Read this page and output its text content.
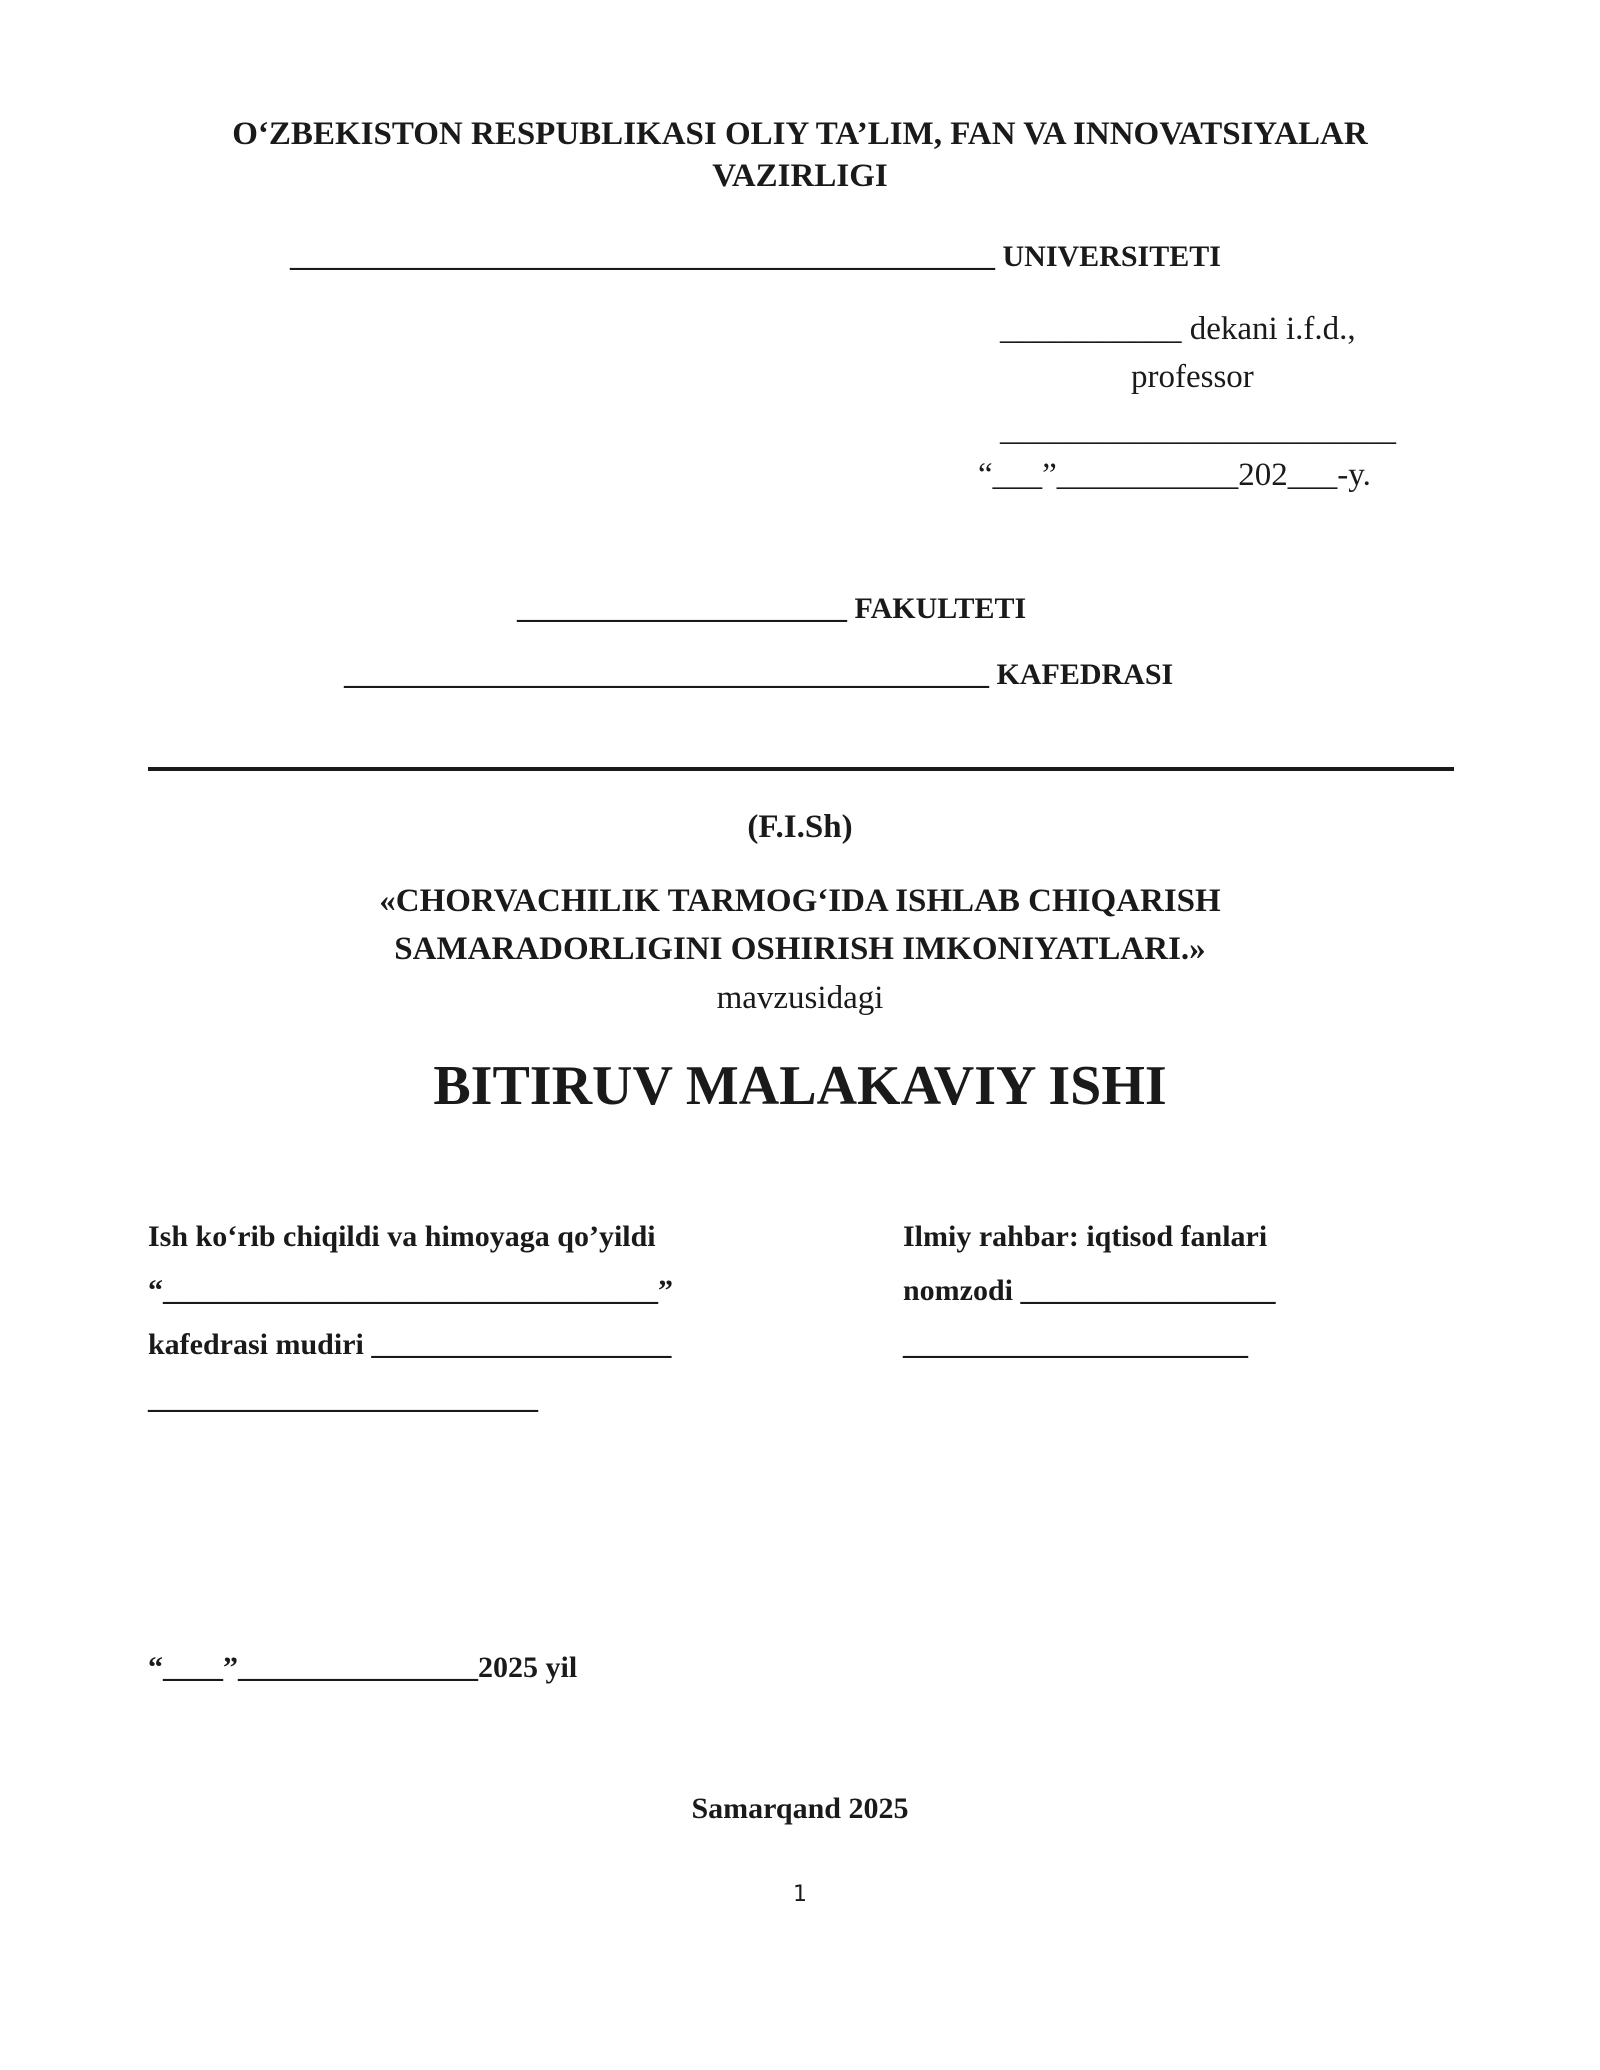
O‘ZBEKISTON RESPUBLIKASI OLIY TA’LIM, FAN VA INNOVATSIYALAR
VAZIRLIGI
_______________________________________________ UNIVERSITETI
___________ dekani i.f.d.,
professor
________________________
“___”___________202___-y.
______________________ FAKULTETI
___________________________________________ KAFEDRASI
(F.I.Sh)
«CHORVACHILIK TARMOG‘IDA ISHLAB CHIQARISH
SAMARADORLIGINI OSHIRISH IMKONIYATLARI.»
mavzusidagi
BITIRUV MALAKAVIY ISHI
Ish ko‘rib chiqildi va himoyaga qo’yildi
“_________________________________”
kafedrasi mudiri ____________________
__________________________
Ilmiy rahbar: iqtisod fanlari
nomzodi _________________
_______________________
“____”________________2025 yil
Samarqand 2025
1
